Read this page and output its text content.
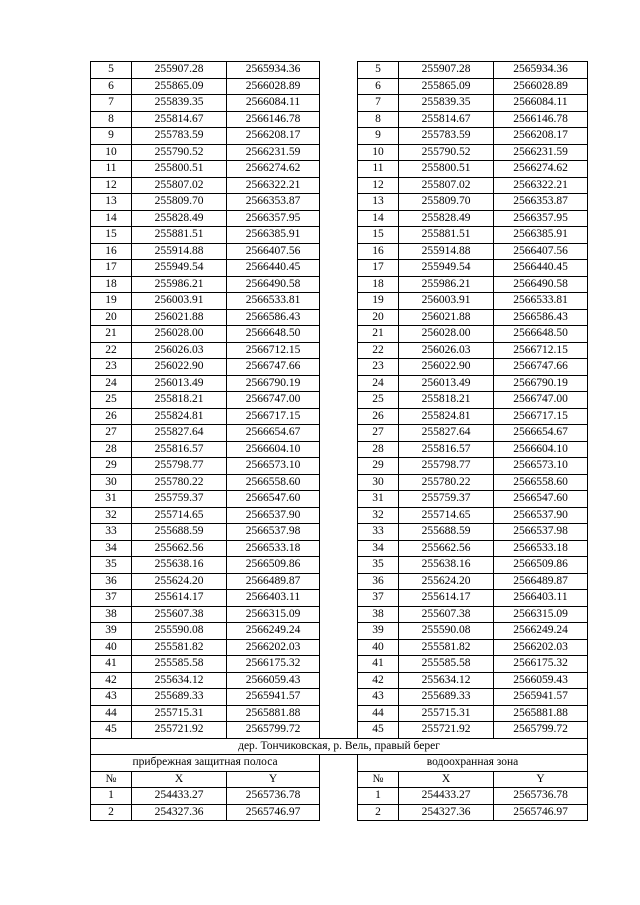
5	255907.28	2565934.36		5	255907.28	2565934.36
6	255865.09	2566028.89		6	255865.09	2566028.89
7	255839.35	2566084.11		7	255839.35	2566084.11
8	255814.67	2566146.78		8	255814.67	2566146.78
9	255783.59	2566208.17		9	255783.59	2566208.17
10	255790.52	2566231.59		10	255790.52	2566231.59
11	255800.51	2566274.62		11	255800.51	2566274.62
12	255807.02	2566322.21		12	255807.02	2566322.21
13	255809.70	2566353.87		13	255809.70	2566353.87
14	255828.49	2566357.95		14	255828.49	2566357.95
15	255881.51	2566385.91		15	255881.51	2566385.91
16	255914.88	2566407.56		16	255914.88	2566407.56
17	255949.54	2566440.45		17	255949.54	2566440.45
18	255986.21	2566490.58		18	255986.21	2566490.58
19	256003.91	2566533.81		19	256003.91	2566533.81
20	256021.88	2566586.43		20	256021.88	2566586.43
21	256028.00	2566648.50		21	256028.00	2566648.50
22	256026.03	2566712.15		22	256026.03	2566712.15
23	256022.90	2566747.66		23	256022.90	2566747.66
24	256013.49	2566790.19		24	256013.49	2566790.19
25	255818.21	2566747.00		25	255818.21	2566747.00
26	255824.81	2566717.15		26	255824.81	2566717.15
27	255827.64	2566654.67		27	255827.64	2566654.67
28	255816.57	2566604.10		28	255816.57	2566604.10
29	255798.77	2566573.10		29	255798.77	2566573.10
30	255780.22	2566558.60		30	255780.22	2566558.60
31	255759.37	2566547.60		31	255759.37	2566547.60
32	255714.65	2566537.90		32	255714.65	2566537.90
33	255688.59	2566537.98		33	255688.59	2566537.98
34	255662.56	2566533.18		34	255662.56	2566533.18
35	255638.16	2566509.86		35	255638.16	2566509.86
36	255624.20	2566489.87		36	255624.20	2566489.87
37	255614.17	2566403.11		37	255614.17	2566403.11
38	255607.38	2566315.09		38	255607.38	2566315.09
39	255590.08	2566249.24		39	255590.08	2566249.24
40	255581.82	2566202.03		40	255581.82	2566202.03
41	255585.58	2566175.32		41	255585.58	2566175.32
42	255634.12	2566059.43		42	255634.12	2566059.43
43	255689.33	2565941.57		43	255689.33	2565941.57
44	255715.31	2565881.88		44	255715.31	2565881.88
45	255721.92	2565799.72		45	255721.92	2565799.72
дер. Тончиковская, р. Вель, правый берег						
прибрежная защитная полоса				водоохранная зона		
№	X	Y		№	X	Y
1	254433.27	2565736.78		1	254433.27	2565736.78
2	254327.36	2565746.97		2	254327.36	2565746.97
